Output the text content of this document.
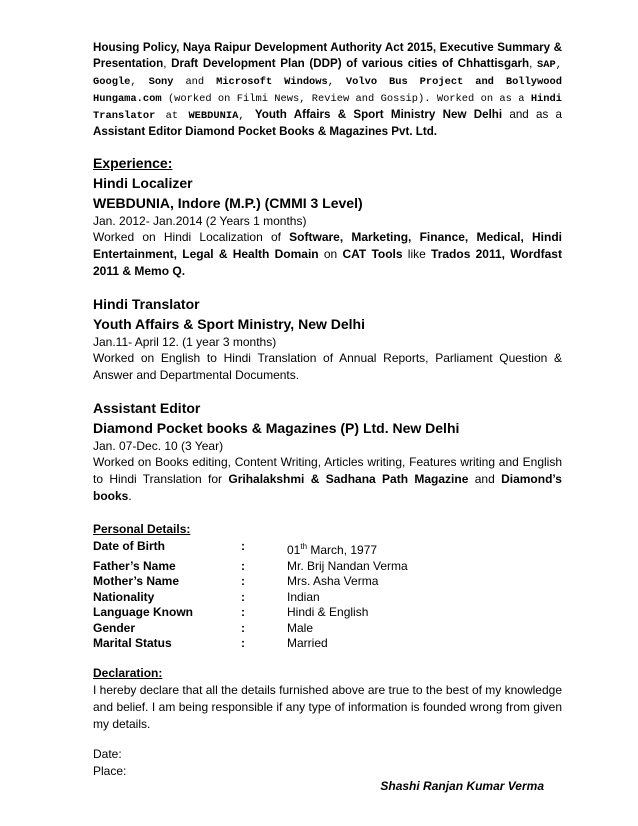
Housing Policy, Naya Raipur Development Authority Act 2015, Executive Summary & Presentation, Draft Development Plan (DDP) of various cities of Chhattisgarh, SAP, Google, Sony and Microsoft Windows, Volvo Bus Project and Bollywood Hungama.com (worked on Filmi News, Review and Gossip). Worked on as a Hindi Translator at WEBDUNIA, Youth Affairs & Sport Ministry New Delhi and as a Assistant Editor Diamond Pocket Books & Magazines Pvt. Ltd.
Experience:
Hindi Localizer
WEBDUNIA, Indore (M.P.) (CMMI 3 Level)
Jan. 2012- Jan.2014 (2 Years 1 months)
Worked on Hindi Localization of Software, Marketing, Finance, Medical, Hindi Entertainment, Legal & Health Domain on CAT Tools like Trados 2011, Wordfast 2011 & Memo Q.
Hindi Translator
Youth Affairs & Sport Ministry, New Delhi
Jan.11- April 12. (1 year 3 months)
Worked on English to Hindi Translation of Annual Reports, Parliament Question & Answer and Departmental Documents.
Assistant Editor
Diamond Pocket books & Magazines (P) Ltd. New Delhi
Jan. 07-Dec. 10 (3 Year)
Worked on Books editing, Content Writing, Articles writing, Features writing and English to Hindi Translation for Grihalakshmi & Sadhana Path Magazine and Diamond’s books.
Personal Details:
Date of Birth	:	01th March, 1977
Father’s Name	:	Mr. Brij Nandan Verma
Mother’s Name	:	Mrs. Asha Verma
Nationality	:	Indian
Language Known	:	Hindi & English
Gender	:	Male
Marital Status	:	Married
Declaration:
I hereby declare that all the details furnished above are true to the best of my knowledge and belief. I am being responsible if any type of information is founded wrong from given my details.
Date:
Place:
Shashi Ranjan Kumar Verma
